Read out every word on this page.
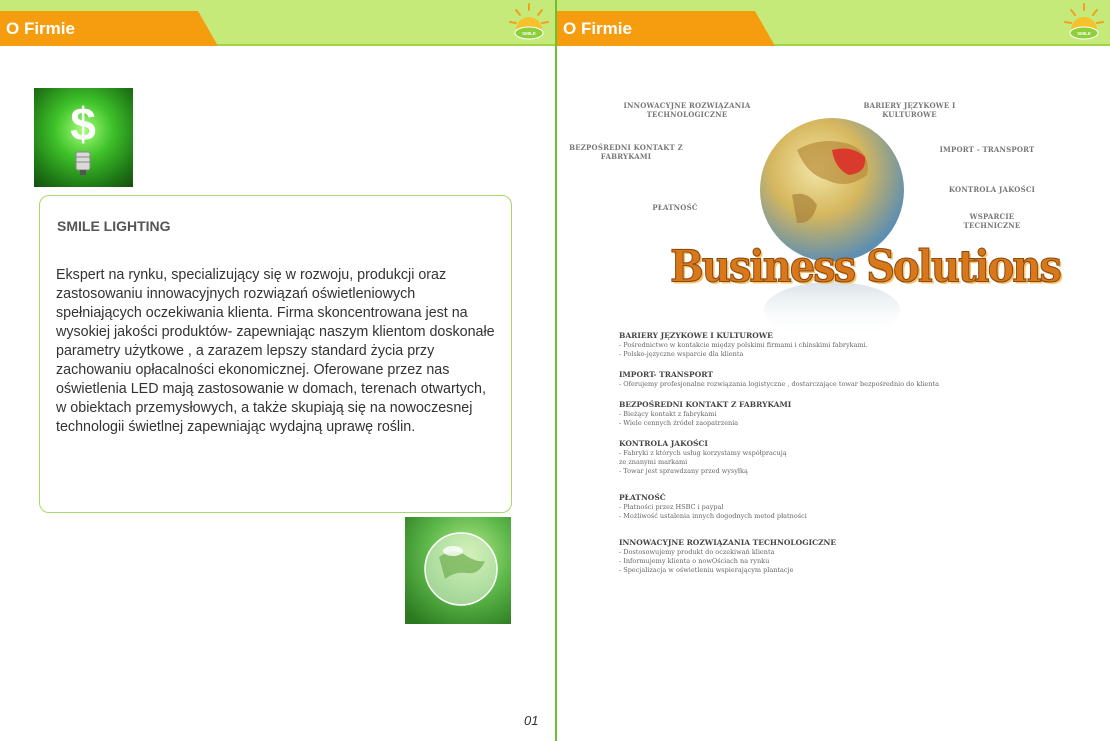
O Firmie	SMILE
$
SMILE LIGHTING
Ekspert na rynku, specializujący się w rozwoju, produkcji oraz zastosowaniu innowacyjnych rozwiązań oświetleniowych spełniających oczekiwania klienta. Firma skoncentrowana jest na wysokiej jakości produktów- zapewniając naszym klientom doskonałe parametry użytkowe , a zarazem lepszy standard życia przy zachowaniu opłacalności ekonomicznej. Oferowane przez nas oświetlenia LED mają zastosowanie w domach, terenach otwartych, w obiektach przemysłowych, a także skupiają się na nowoczesnej technologii świetlnej zapewniając wydajną uprawę roślin.
01
O Firmie	SMILE
INNOWACYJNE ROZWIĄZANIA TECHNOLOGICZNE
BARIERY JĘZYKOWE I KULTUROWE
BEZPOŚREDNI KONTAKT Z FABRYKAMI
IMPORT - TRANSPORT
KONTROLA JAKOŚCI
PŁATNOŚĆ
WSPARCIE TECHNICZNE
Business Solutions
BARIERY JĘZYKOWE I KULTUROWE
- Pośrednictwo w kontakcie między polskimi firmami i chinskimi fabrykami.
- Polsko-języczne wsparcie dla klienta
IMPORT- TRANSPORT
- Oferujemy profesjonalne rozwiązania logistyczne , dostarczające towar bezpośrednio do klienta
BEZPOŚREDNI KONTAKT Z FABRYKAMI
- Bieżący kontakt z fabrykami
- Wiele cennych źródeł zaopatrzenia
KONTROLA JAKOŚCI
- Fabryki z których usług korzystamy współpracują
ze znanymi markami
- Towar jest sprawdzany przed wysyłką
PŁATNOŚĆ
- Płatności przez HSBC i paypal
- Możliwość ustalenia innych dogodnych metod płatności
INNOWACYJNE ROZWIĄZANIA TECHNOLOGICZNE
- Dostosowujemy produkt do oczekiwań klienta
- Informujemy klienta o nowOściach na rynku
- Specjalizacja w oświetleniu wspierającym plantacje
